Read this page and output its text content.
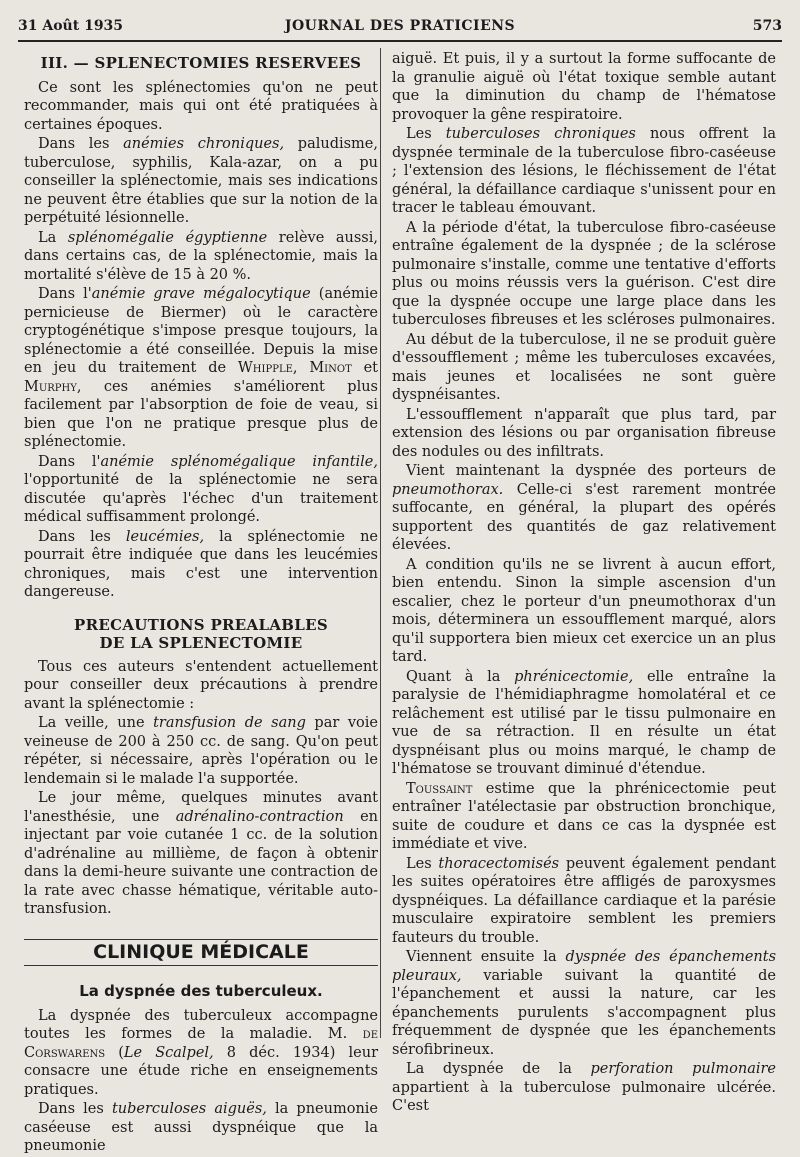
31 Août 1935	JOURNAL DES PRATICIENS	573
III. — SPLENECTOMIES RESERVEES

Ce sont les splénectomies qu'on ne peut recommander, mais qui ont été pratiquées à certaines époques.

Dans les anémies chroniques, paludisme, tuberculose, syphilis, Kala-azar, on a pu conseiller la splénectomie, mais ses indications ne peuvent être établies que sur la notion de la perpétuité lésionnelle.

La splénomégalie égyptienne relève aussi, dans certains cas, de la splénectomie, mais la mortalité s'élève de 15 à 20 %.

Dans l'anémie grave mégalocytique (anémie pernicieuse de Biermer) où le caractère cryptogénétique s'impose presque toujours, la splénectomie a été conseillée. Depuis la mise en jeu du traitement de Whipple, Minot et Murphy, ces anémies s'améliorent plus facilement par l'absorption de foie de veau, si bien que l'on ne pratique presque plus de splénectomie.

Dans l'anémie splénomégalique infantile, l'opportunité de la splénectomie ne sera discutée qu'après l'échec d'un traitement médical suffisamment prolongé.

Dans les leucémies, la splénectomie ne pourrait être indiquée que dans les leucémies chroniques, mais c'est une intervention dangereuse.

PRECAUTIONS PREALABLES
DE LA SPLENECTOMIE

Tous ces auteurs s'entendent actuellement pour conseiller deux précautions à prendre avant la splénectomie :

La veille, une transfusion de sang par voie veineuse de 200 à 250 cc. de sang. Qu'on peut répéter, si nécessaire, après l'opération ou le lendemain si le malade l'a supportée.

Le jour même, quelques minutes avant l'anesthésie, une adrénalino-contraction en injectant par voie cutanée 1 cc. de la solution d'adrénaline au millième, de façon à obtenir dans la demi-heure suivante une contraction de la rate avec chasse hématique, véritable auto-transfusion.

CLINIQUE MÉDICALE
La dyspnée des tuberculeux.

La dyspnée des tuberculeux accompagne toutes les formes de la maladie. M. de Corswarens (Le Scalpel, 8 déc. 1934) leur consacre une étude riche en enseignements pratiques.

Dans les tuberculoses aiguës, la pneumonie caséeuse est aussi dyspnéique que la pneumonie

aiguë. Et puis, il y a surtout la forme suffocante de la granulie aiguë où l'état toxique semble autant que la diminution du champ de l'hématose provoquer la gêne respiratoire.

Les tuberculoses chroniques nous offrent la dyspnée terminale de la tuberculose fibro-caséeuse ; l'extension des lésions, le fléchissement de l'état général, la défaillance cardiaque s'unissent pour en tracer le tableau émouvant.

A la période d'état, la tuberculose fibro-caséeuse entraîne également de la dyspnée ; de la sclérose pulmonaire s'installe, comme une tentative d'efforts plus ou moins réussis vers la guérison. C'est dire que la dyspnée occupe une large place dans les tuberculoses fibreuses et les scléroses pulmonaires.

Au début de la tuberculose, il ne se produit guère d'essoufflement ; même les tuberculoses excavées, mais jeunes et localisées ne sont guère dyspnéisantes.

L'essoufflement n'apparaît que plus tard, par extension des lésions ou par organisation fibreuse des nodules ou des infiltrats.

Vient maintenant la dyspnée des porteurs de pneumothorax. Celle-ci s'est rarement montrée suffocante, en général, la plupart des opérés supportent des quantités de gaz relativement élevées.

A condition qu'ils ne se livrent à aucun effort, bien entendu. Sinon la simple ascension d'un escalier, chez le porteur d'un pneumothorax d'un mois, déterminera un essoufflement marqué, alors qu'il supportera bien mieux cet exercice un an plus tard.

Quant à la phrénicectomie, elle entraîne la paralysie de l'hémidiaphragme homolatéral et ce relâchement est utilisé par le tissu pulmonaire en vue de sa rétraction. Il en résulte un état dyspnéisant plus ou moins marqué, le champ de l'hématose se trouvant diminué d'étendue.

Toussaint estime que la phrénicectomie peut entraîner l'atélectasie par obstruction bronchique, suite de coudure et dans ce cas la dyspnée est immédiate et vive.

Les thoracectomisés peuvent également pendant les suites opératoires être affligés de paroxysmes dyspnéiques. La défaillance cardiaque et la parésie musculaire expiratoire semblent les premiers fauteurs du trouble.

Viennent ensuite la dyspnée des épanchements pleuraux, variable suivant la quantité de l'épanchement et aussi la nature, car les épanchements purulents s'accompagnent plus fréquemment de dyspnée que les épanchements sérofibrineux.

La dyspnée de la perforation pulmonaire appartient à la tuberculose pulmonaire ulcérée. C'est
